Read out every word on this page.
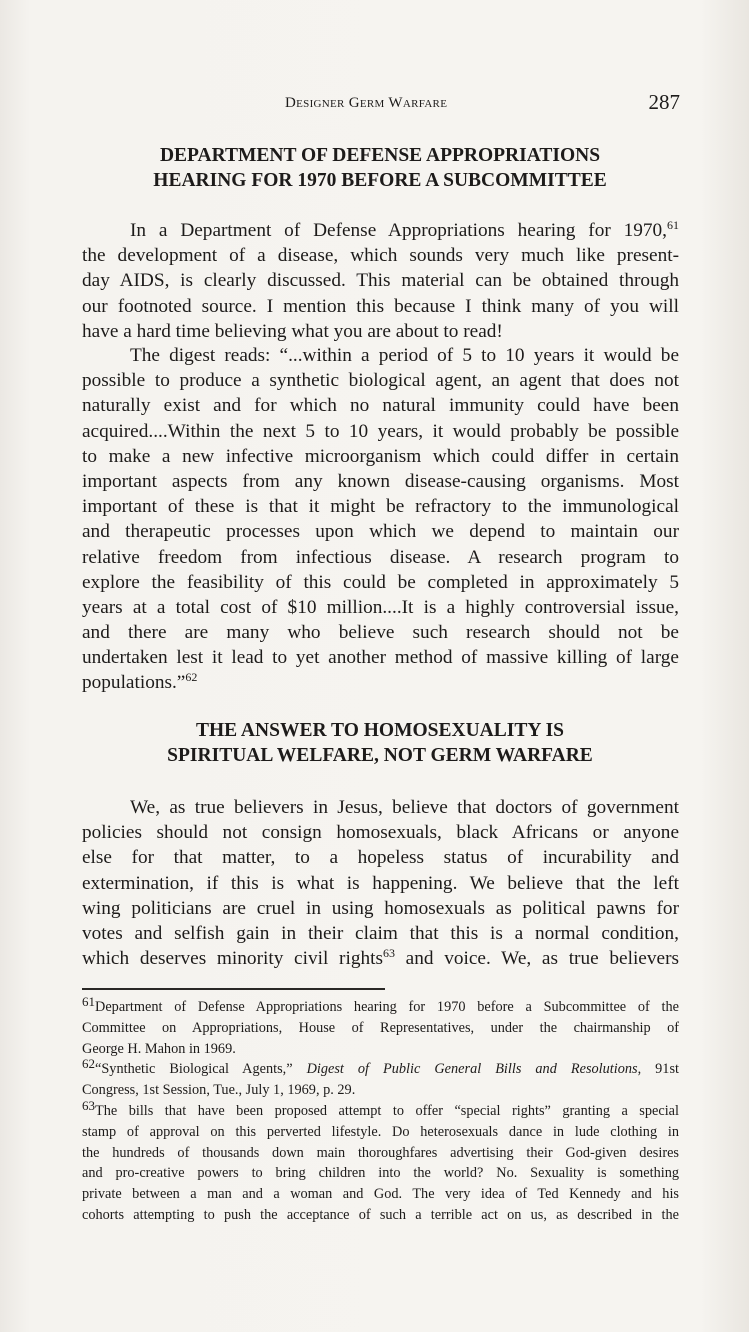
Designer Germ Warfare	287
DEPARTMENT OF DEFENSE APPROPRIATIONS
HEARING FOR 1970 BEFORE A SUBCOMMITTEE
In a Department of Defense Appropriations hearing for 1970,61
the development of a disease, which sounds very much like present-
day AIDS, is clearly discussed. This material can be obtained through
our footnoted source. I mention this because I think many of you will
have a hard time believing what you are about to read!
The digest reads: “...within a period of 5 to 10 years it would be
possible to produce a synthetic biological agent, an agent that does not
naturally exist and for which no natural immunity could have been
acquired....Within the next 5 to 10 years, it would probably be possible
to make a new infective microorganism which could differ in certain
important aspects from any known disease-causing organisms. Most
important of these is that it might be refractory to the immunological
and therapeutic processes upon which we depend to maintain our
relative freedom from infectious disease. A research program to
explore the feasibility of this could be completed in approximately 5
years at a total cost of $10 million....It is a highly controversial issue,
and there are many who believe such research should not be
undertaken lest it lead to yet another method of massive killing of large
populations.”$^{62}$
THE ANSWER TO HOMOSEXUALITY IS
SPIRITUAL WELFARE, NOT GERM WARFARE
We, as true believers in Jesus, believe that doctors of government
policies should not consign homosexuals, black Africans or anyone
else for that matter, to a hopeless status of incurability and
extermination, if this is what is happening. We believe that the left
wing politicians are cruel in using homosexuals as political pawns for
votes and selfish gain in their claim that this is a normal condition,
which deserves minority civil rights$^{63}$ and voice. We, as true believers
$^{61}$Department of Defense Appropriations hearing for 1970 before a Subcommittee of the
Committee on Appropriations, House of Representatives, under the chairmanship of
George H. Mahon in 1969.
$^{62}$“Synthetic Biological Agents,” Digest of Public General Bills and Resolutions, 91st
Congress, 1st Session, Tue., July 1, 1969, p. 29.
$^{63}$The bills that have been proposed attempt to offer “special rights” granting a special
stamp of approval on this perverted lifestyle. Do heterosexuals dance in lude clothing in
the hundreds of thousands down main thoroughfares advertising their God-given desires
and pro-creative powers to bring children into the world? No. Sexuality is something
private between a man and a woman and God. The very idea of Ted Kennedy and his
cohorts attempting to push the acceptance of such a terrible act on us, as described in the
